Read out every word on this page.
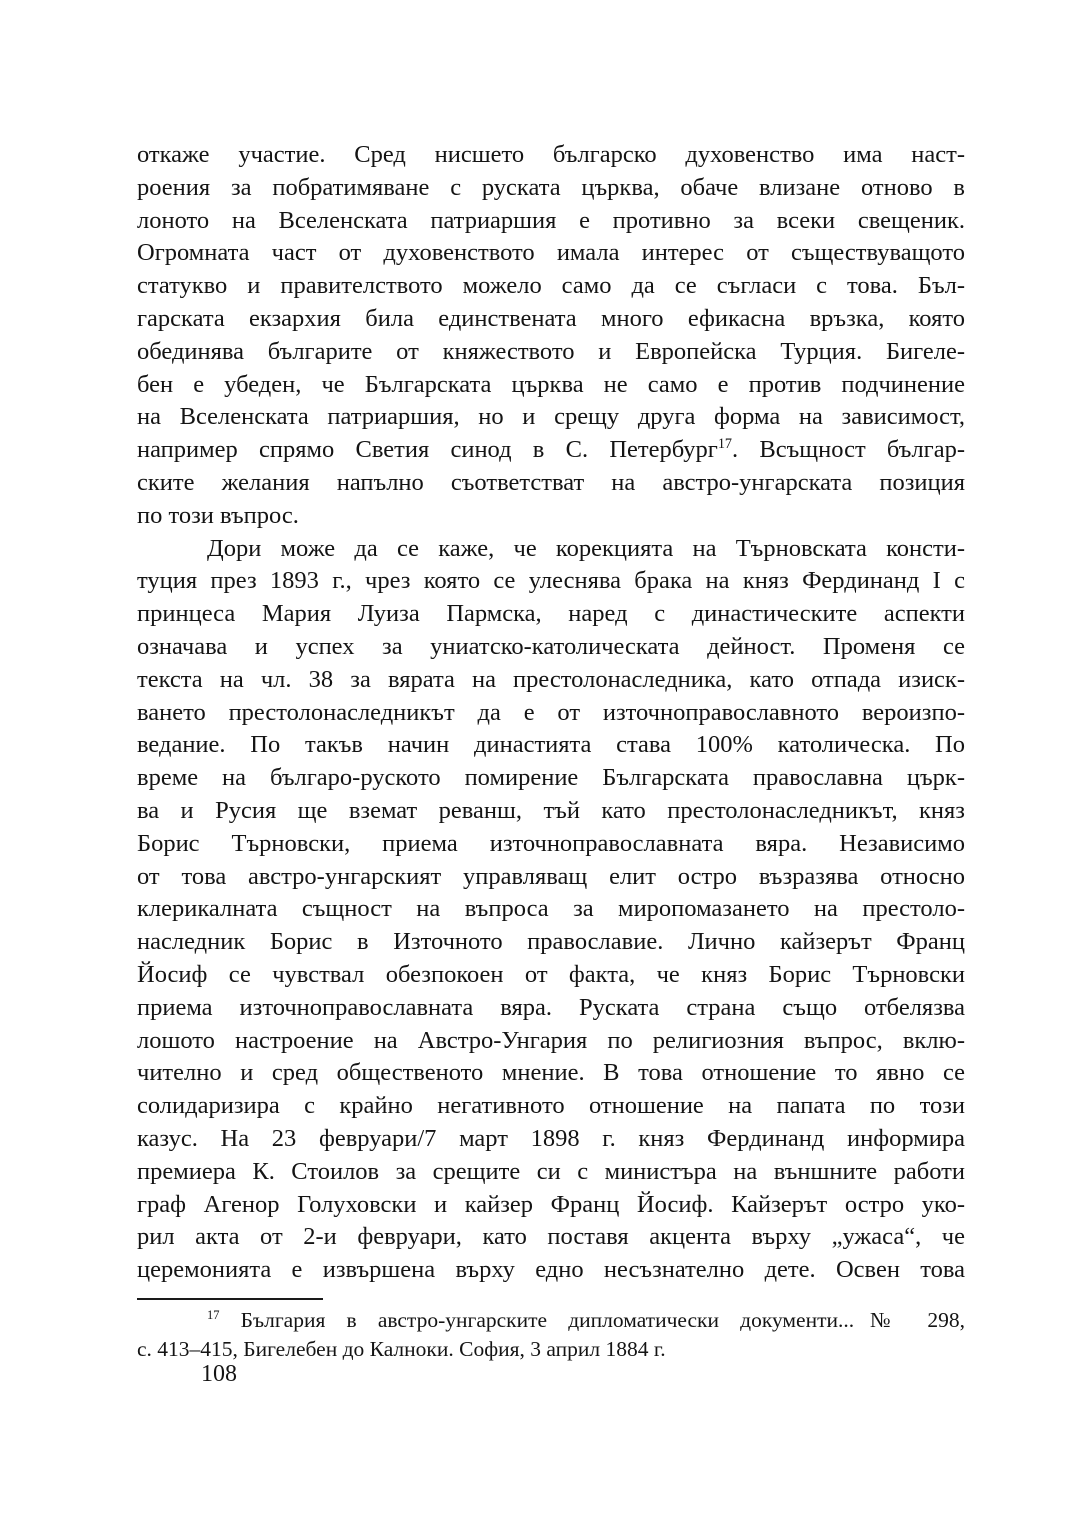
откаже участие. Сред нисшето българско духовенство има наст-
роения за побратимяване с руската църква, обаче влизане отново в
лоното на Вселенската патриаршия е противно за всеки свещеник.
Огромната част от духовенството имала интерес от съществуващото
статукво и правителството можело само да се съгласи с това. Бъл-
гарската екзархия била единствената много ефикасна връзка, която
обединява българите от княжеството и Европейска Турция. Бигеле-
бен е убеден, че Българската църква не само е против подчинение
на Вселенската патриаршия, но и срещу друга форма на зависимост,
например спрямо Светия синод в С. Петербург$^{17}$. Всъщност българ-
ските желания напълно съответстват на австро-унгарската позиция
по този въпрос.
Дори може да се каже, че корекцията на Търновската консти-
туция през 1893 г., чрез която се улеснява брака на княз Фердинанд I с
принцеса Мария Луиза Пармска, наред с династическите аспекти
означава и успех за униатско-католическата дейност. Променя се
текста на чл. 38 за вярата на престолонаследника, като отпада изиск-
ването престолонаследникът да е от източноправославното вероизпо-
ведание. По такъв начин династията става 100% католическа. По
време на българо-руското помирение Българската православна църк-
ва и Русия ще вземат реванш, тъй като престолонаследникът, княз
Борис Търновски, приема източноправославната вяра. Независимо
от това австро-унгарският управляващ елит остро възразява относно
клерикалната същност на въпроса за миропомазането на престоло-
наследник Борис в Източното православие. Лично кайзерът Франц
Йосиф се чувствал обезпокоен от факта, че княз Борис Търновски
приема източноправославната вяра. Руската страна също отбелязва
лошото настроение на Австро-Унгария по религиозния въпрос, вклю-
чително и сред общественото мнение. В това отношение то явно се
солидаризира с крайно негативното отношение на папата по този
казус. На 23 февруари/7 март 1898 г. княз Фердинанд информира
премиера К. Стоилов за срещите си с министъра на външните работи
граф Агенор Голуховски и кайзер Франц Йосиф. Кайзерът остро уко-
рил акта от 2-и февруари, като поставя акцента върху „ужаса“, че
церемонията е извършена върху едно несъзнателно дете. Освен това
$^{17}$ България в австро-унгарските дипломатически документи...№ 298,
с. 413–415, Бигелебен до Калноки. София, 3 април 1884 г.
108
